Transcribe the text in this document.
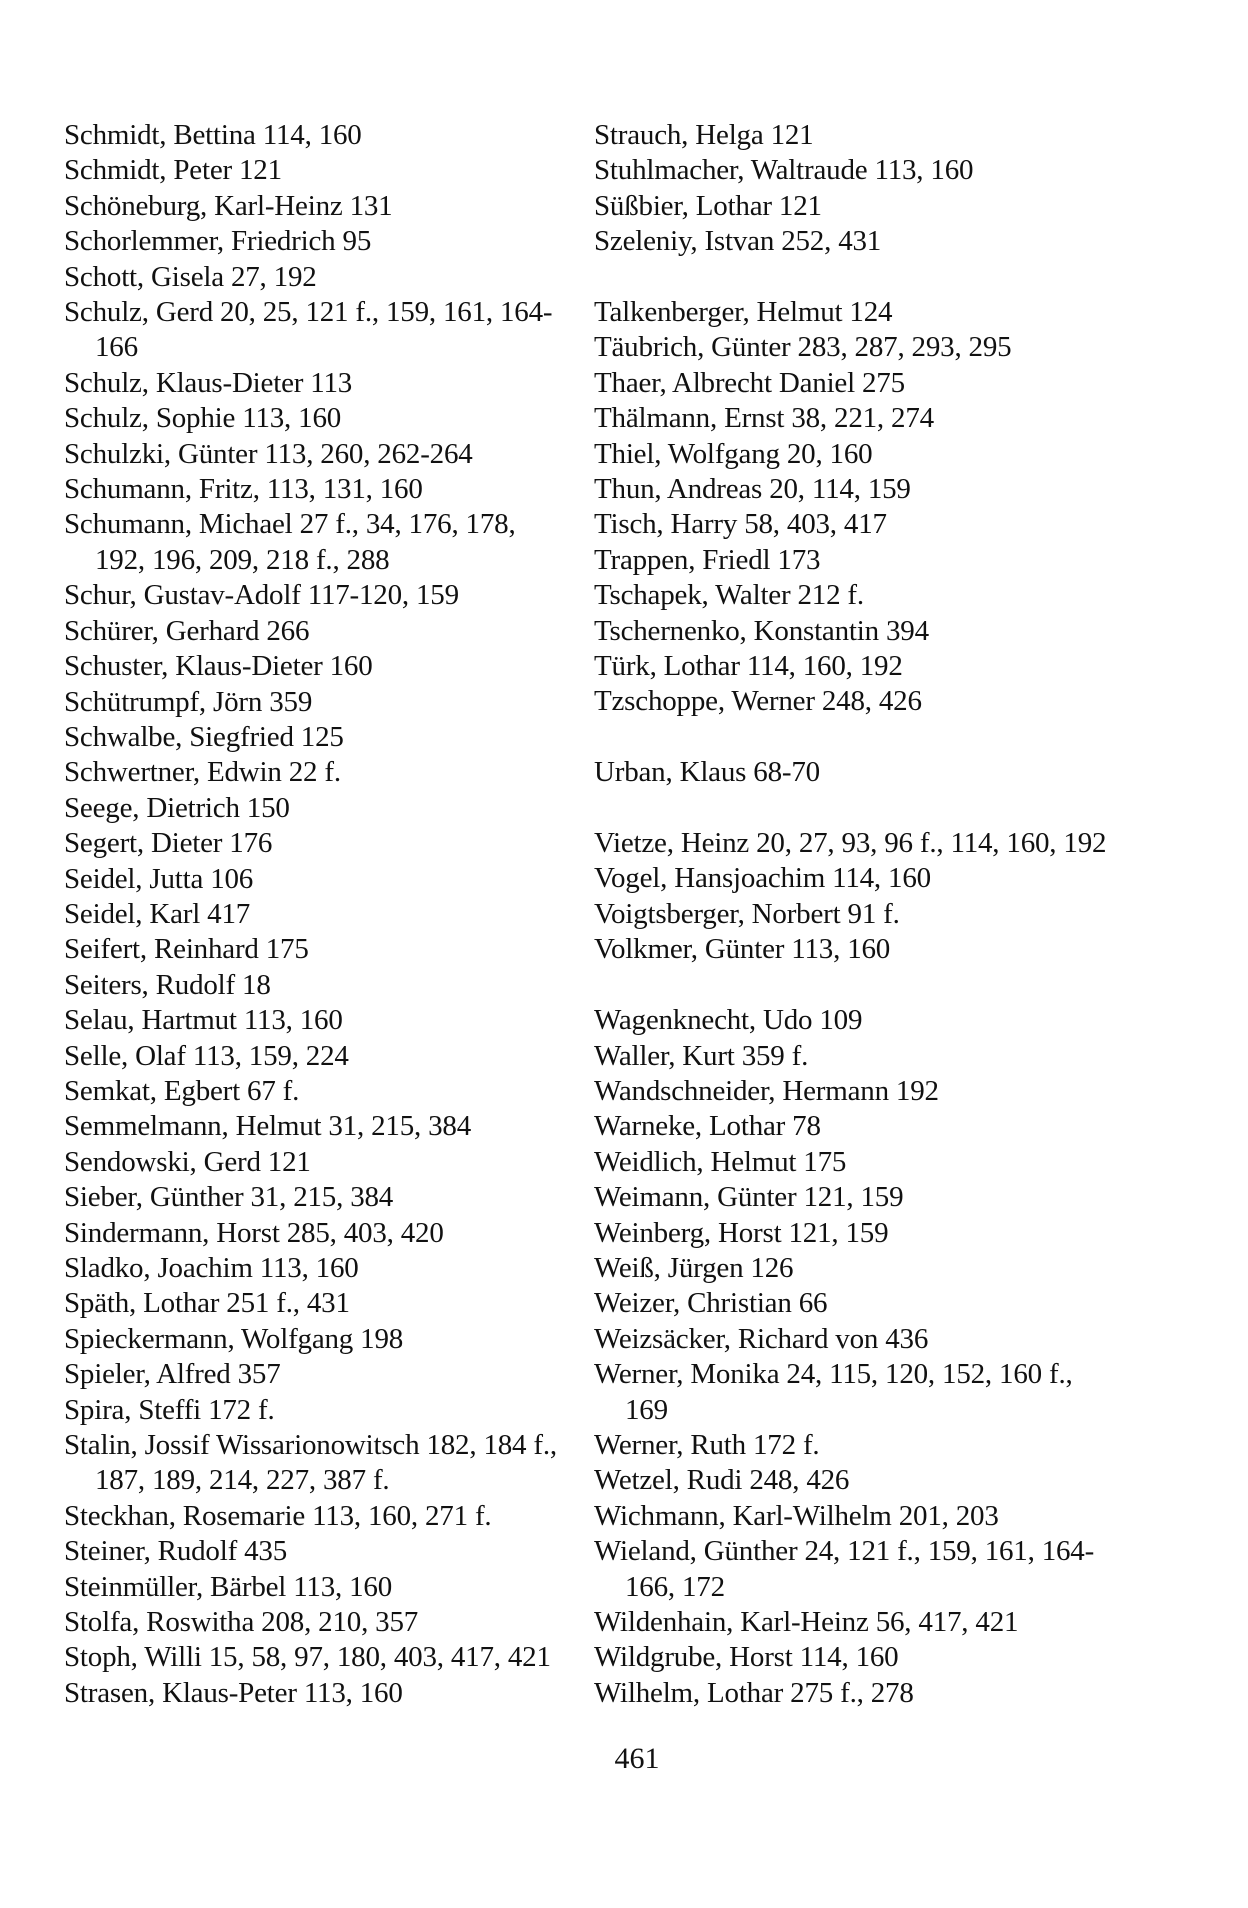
Schmidt, Bettina 114, 160
Schmidt, Peter 121
Schöneburg, Karl-Heinz 131
Schorlemmer, Friedrich 95
Schott, Gisela 27, 192
Schulz, Gerd 20, 25, 121 f., 159, 161, 164-166
Schulz, Klaus-Dieter 113
Schulz, Sophie 113, 160
Schulzki, Günter 113, 260, 262-264
Schumann, Fritz, 113, 131, 160
Schumann, Michael 27 f., 34, 176, 178, 192, 196, 209, 218 f., 288
Schur, Gustav-Adolf 117-120, 159
Schürer, Gerhard 266
Schuster, Klaus-Dieter 160
Schütrumpf, Jörn 359
Schwalbe, Siegfried 125
Schwertner, Edwin 22 f.
Seege, Dietrich 150
Segert, Dieter 176
Seidel, Jutta 106
Seidel, Karl 417
Seifert, Reinhard 175
Seiters, Rudolf 18
Selau, Hartmut 113, 160
Selle, Olaf 113, 159, 224
Semkat, Egbert 67 f.
Semmelmann, Helmut 31, 215, 384
Sendowski, Gerd 121
Sieber, Günther 31, 215, 384
Sindermann, Horst 285, 403, 420
Sladko, Joachim 113, 160
Späth, Lothar 251 f., 431
Spieckermann, Wolfgang 198
Spieler, Alfred 357
Spira, Steffi 172 f.
Stalin, Jossif Wissarionowitsch 182, 184 f., 187, 189, 214, 227, 387 f.
Steckhan, Rosemarie 113, 160, 271 f.
Steiner, Rudolf 435
Steinmüller, Bärbel 113, 160
Stolfa, Roswitha 208, 210, 357
Stoph, Willi 15, 58, 97, 180, 403, 417, 421
Strasen, Klaus-Peter 113, 160
Strauch, Helga 121
Stuhlmacher, Waltraude 113, 160
Süßbier, Lothar 121
Szeleniy, Istvan 252, 431
Talkenberger, Helmut 124
Täubrich, Günter 283, 287, 293, 295
Thaer, Albrecht Daniel 275
Thälmann, Ernst 38, 221, 274
Thiel, Wolfgang 20, 160
Thun, Andreas 20, 114, 159
Tisch, Harry 58, 403, 417
Trappen, Friedl 173
Tschapek, Walter 212 f.
Tschernenko, Konstantin 394
Türk, Lothar 114, 160, 192
Tzschoppe, Werner 248, 426
Urban, Klaus 68-70
Vietze, Heinz 20, 27, 93, 96 f., 114, 160, 192
Vogel, Hansjoachim 114, 160
Voigtsberger, Norbert 91 f.
Volkmer, Günter 113, 160
Wagenknecht, Udo 109
Waller, Kurt 359 f.
Wandschneider, Hermann 192
Warneke, Lothar 78
Weidlich, Helmut 175
Weimann, Günter 121, 159
Weinberg, Horst 121, 159
Weiß, Jürgen 126
Weizer, Christian 66
Weizsäcker, Richard von 436
Werner, Monika 24, 115, 120, 152, 160 f., 169
Werner, Ruth 172 f.
Wetzel, Rudi 248, 426
Wichmann, Karl-Wilhelm 201, 203
Wieland, Günther 24, 121 f., 159, 161, 164-166, 172
Wildenhain, Karl-Heinz 56, 417, 421
Wildgrube, Horst 114, 160
Wilhelm, Lothar 275 f., 278
461
